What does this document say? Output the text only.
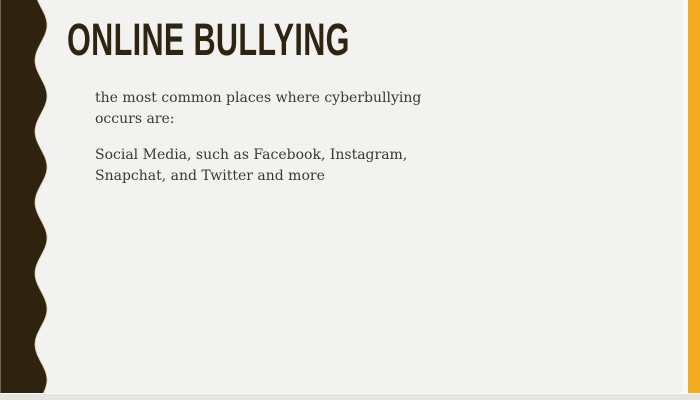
ONLINE BULLYING
the most common places where cyberbullying
occurs are:
Social Media, such as Facebook, Instagram,
Snapchat, and Twitter and more
